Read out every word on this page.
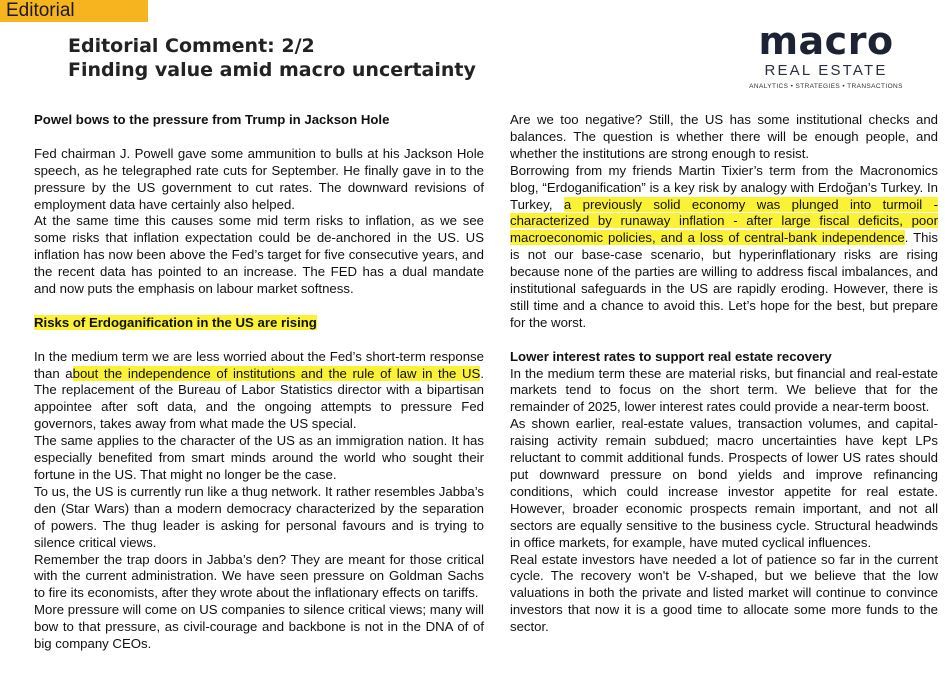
Editorial
Editorial Comment: 2/2
Finding value amid macro uncertainty
macro
REAL ESTATE
ANALYTICS • STRATEGIES • TRANSACTIONS

Powel bows to the pressure from Trump in Jackson Hole

Fed chairman J. Powell gave some ammunition to bulls at his Jackson Hole speech, as he telegraphed rate cuts for September. He finally gave in to the pressure by the US government to cut rates. The downward revisions of employment data have certainly also helped.

At the same time this causes some mid term risks to inflation, as we see some risks that inflation expectation could be de-anchored in the US. US inflation has now been above the Fed’s target for five consecutive years, and the recent data has pointed to an increase. The FED has a dual mandate and now puts the emphasis on labour market softness.

Risks of Erdoganification in the US are rising

In the medium term we are less worried about the Fed’s short-term response than about the independence of institutions and the rule of law in the US. The replacement of the Bureau of Labor Statistics director with a bipartisan appointee after soft data, and the ongoing attempts to pressure Fed governors, takes away from what made the US special.

The same applies to the character of the US as an immigration nation. It has especially benefited from smart minds around the world who sought their fortune in the US. That might no longer be the case.

To us, the US is currently run like a thug network. It rather resembles Jabba’s den (Star Wars) than a modern democracy characterized by the separation of powers. The thug leader is asking for personal favours and is trying to silence critical views.

Remember the trap doors in Jabba’s den? They are meant for those critical with the current administration. We have seen pressure on Goldman Sachs to fire its economists, after they wrote about the inflationary effects on tariffs.

More pressure will come on US companies to silence critical views; many will bow to that pressure, as civil-courage and backbone is not in the DNA of of big company CEOs.

Are we too negative? Still, the US has some institutional checks and balances. The question is whether there will be enough people, and whether the institutions are strong enough to resist.

Borrowing from my friends Martin Tixier’s term from the Macronomics blog, “Erdoganification” is a key risk by analogy with Erdoğan’s Turkey. In Turkey, a previously solid economy was plunged into turmoil - characterized by runaway inflation - after large fiscal deficits, poor macroeconomic policies, and a loss of central-bank independence. This is not our base-case scenario, but hyperinflationary risks are rising because none of the parties are willing to address fiscal imbalances, and institutional safeguards in the US are rapidly eroding. However, there is still time and a chance to avoid this. Let’s hope for the best, but prepare for the worst.

Lower interest rates to support real estate recovery

In the medium term these are material risks, but financial and real-estate markets tend to focus on the short term. We believe that for the remainder of 2025, lower interest rates could provide a near-term boost.

As shown earlier, real-estate values, transaction volumes, and capital-raising activity remain subdued; macro uncertainties have kept LPs reluctant to commit additional funds. Prospects of lower US rates should put downward pressure on bond yields and improve refinancing conditions, which could increase investor appetite for real estate. However, broader economic prospects remain important, and not all sectors are equally sensitive to the business cycle. Structural headwinds in office markets, for example, have muted cyclical influences.

Real estate investors have needed a lot of patience so far in the current cycle. The recovery won't be V-shaped, but we believe that the low valuations in both the private and listed market will continue to convince investors that now it is a good time to allocate some more funds to the sector.
